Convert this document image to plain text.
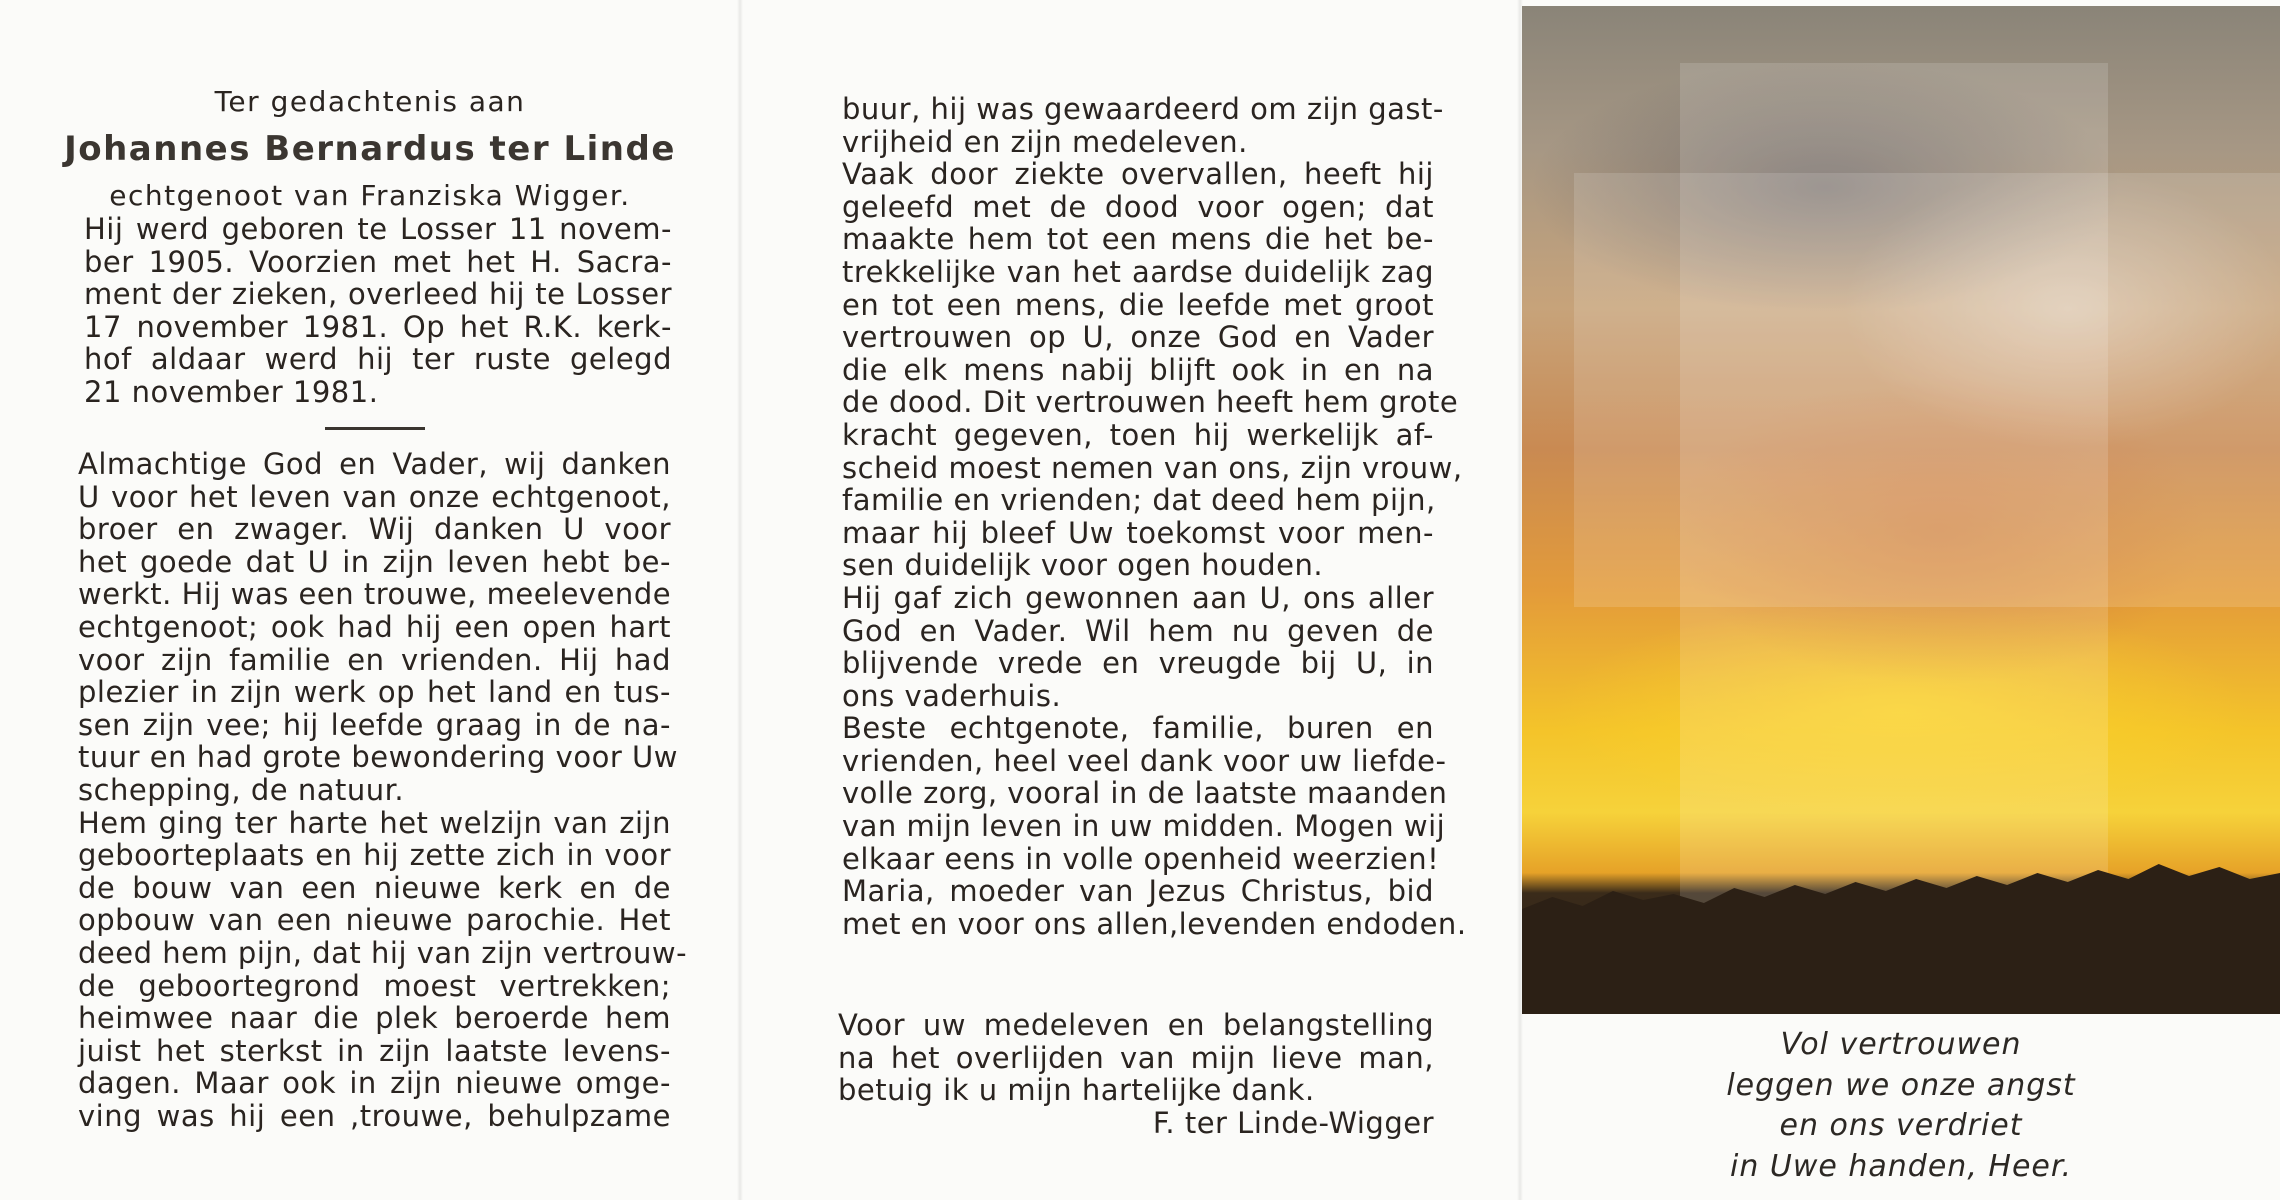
Ter gedachtenis aan
Johannes Bernardus ter Linde
echtgenoot van Franziska Wigger.
Hij werd geboren te Losser 11 novem-
ber 1905. Voorzien met het H. Sacra-
ment der zieken, overleed hij te Losser
17 november 1981. Op het R.K. kerk-
hof aldaar werd hij ter ruste gelegd
21 november 1981.
Almachtige God en Vader, wij danken
U voor het leven van onze echtgenoot,
broer en zwager. Wij danken U voor
het goede dat U in zijn leven hebt be-
werkt. Hij was een trouwe, meelevende
echtgenoot; ook had hij een open hart
voor zijn familie en vrienden. Hij had
plezier in zijn werk op het land en tus-
sen zijn vee; hij leefde graag in de na-
tuur en had grote bewondering voor Uw
schepping, de natuur.
Hem ging ter harte het welzijn van zijn
geboorteplaats en hij zette zich in voor
de bouw van een nieuwe kerk en de
opbouw van een nieuwe parochie. Het
deed hem pijn, dat hij van zijn vertrouw-
de geboortegrond moest vertrekken;
heimwee naar die plek beroerde hem
juist het sterkst in zijn laatste levens-
dagen. Maar ook in zijn nieuwe omge-
ving was hij een ,trouwe, behulpzame
buur, hij was gewaardeerd om zijn gast-
vrijheid en zijn medeleven.
Vaak door ziekte overvallen, heeft hij
geleefd met de dood voor ogen; dat
maakte hem tot een mens die het be-
trekkelijke van het aardse duidelijk zag
en tot een mens, die leefde met groot
vertrouwen op U, onze God en Vader
die elk mens nabij blijft ook in en na
de dood. Dit vertrouwen heeft hem grote
kracht gegeven, toen hij werkelijk af-
scheid moest nemen van ons, zijn vrouw,
familie en vrienden; dat deed hem pijn,
maar hij bleef Uw toekomst voor men-
sen duidelijk voor ogen houden.
Hij gaf zich gewonnen aan U, ons aller
God en Vader. Wil hem nu geven de
blijvende vrede en vreugde bij U, in
ons vaderhuis.
Beste echtgenote, familie, buren en
vrienden, heel veel dank voor uw liefde-
volle zorg, vooral in de laatste maanden
van mijn leven in uw midden. Mogen wij
elkaar eens in volle openheid weerzien!
Maria, moeder van Jezus Christus, bid
met en voor ons allen,levenden endoden.
Voor uw medeleven en belangstelling
na het overlijden van mijn lieve man,
betuig ik u mijn hartelijke dank.
F. ter Linde-Wigger
Vol vertrouwen
leggen we onze angst
en ons verdriet
in Uwe handen, Heer.
